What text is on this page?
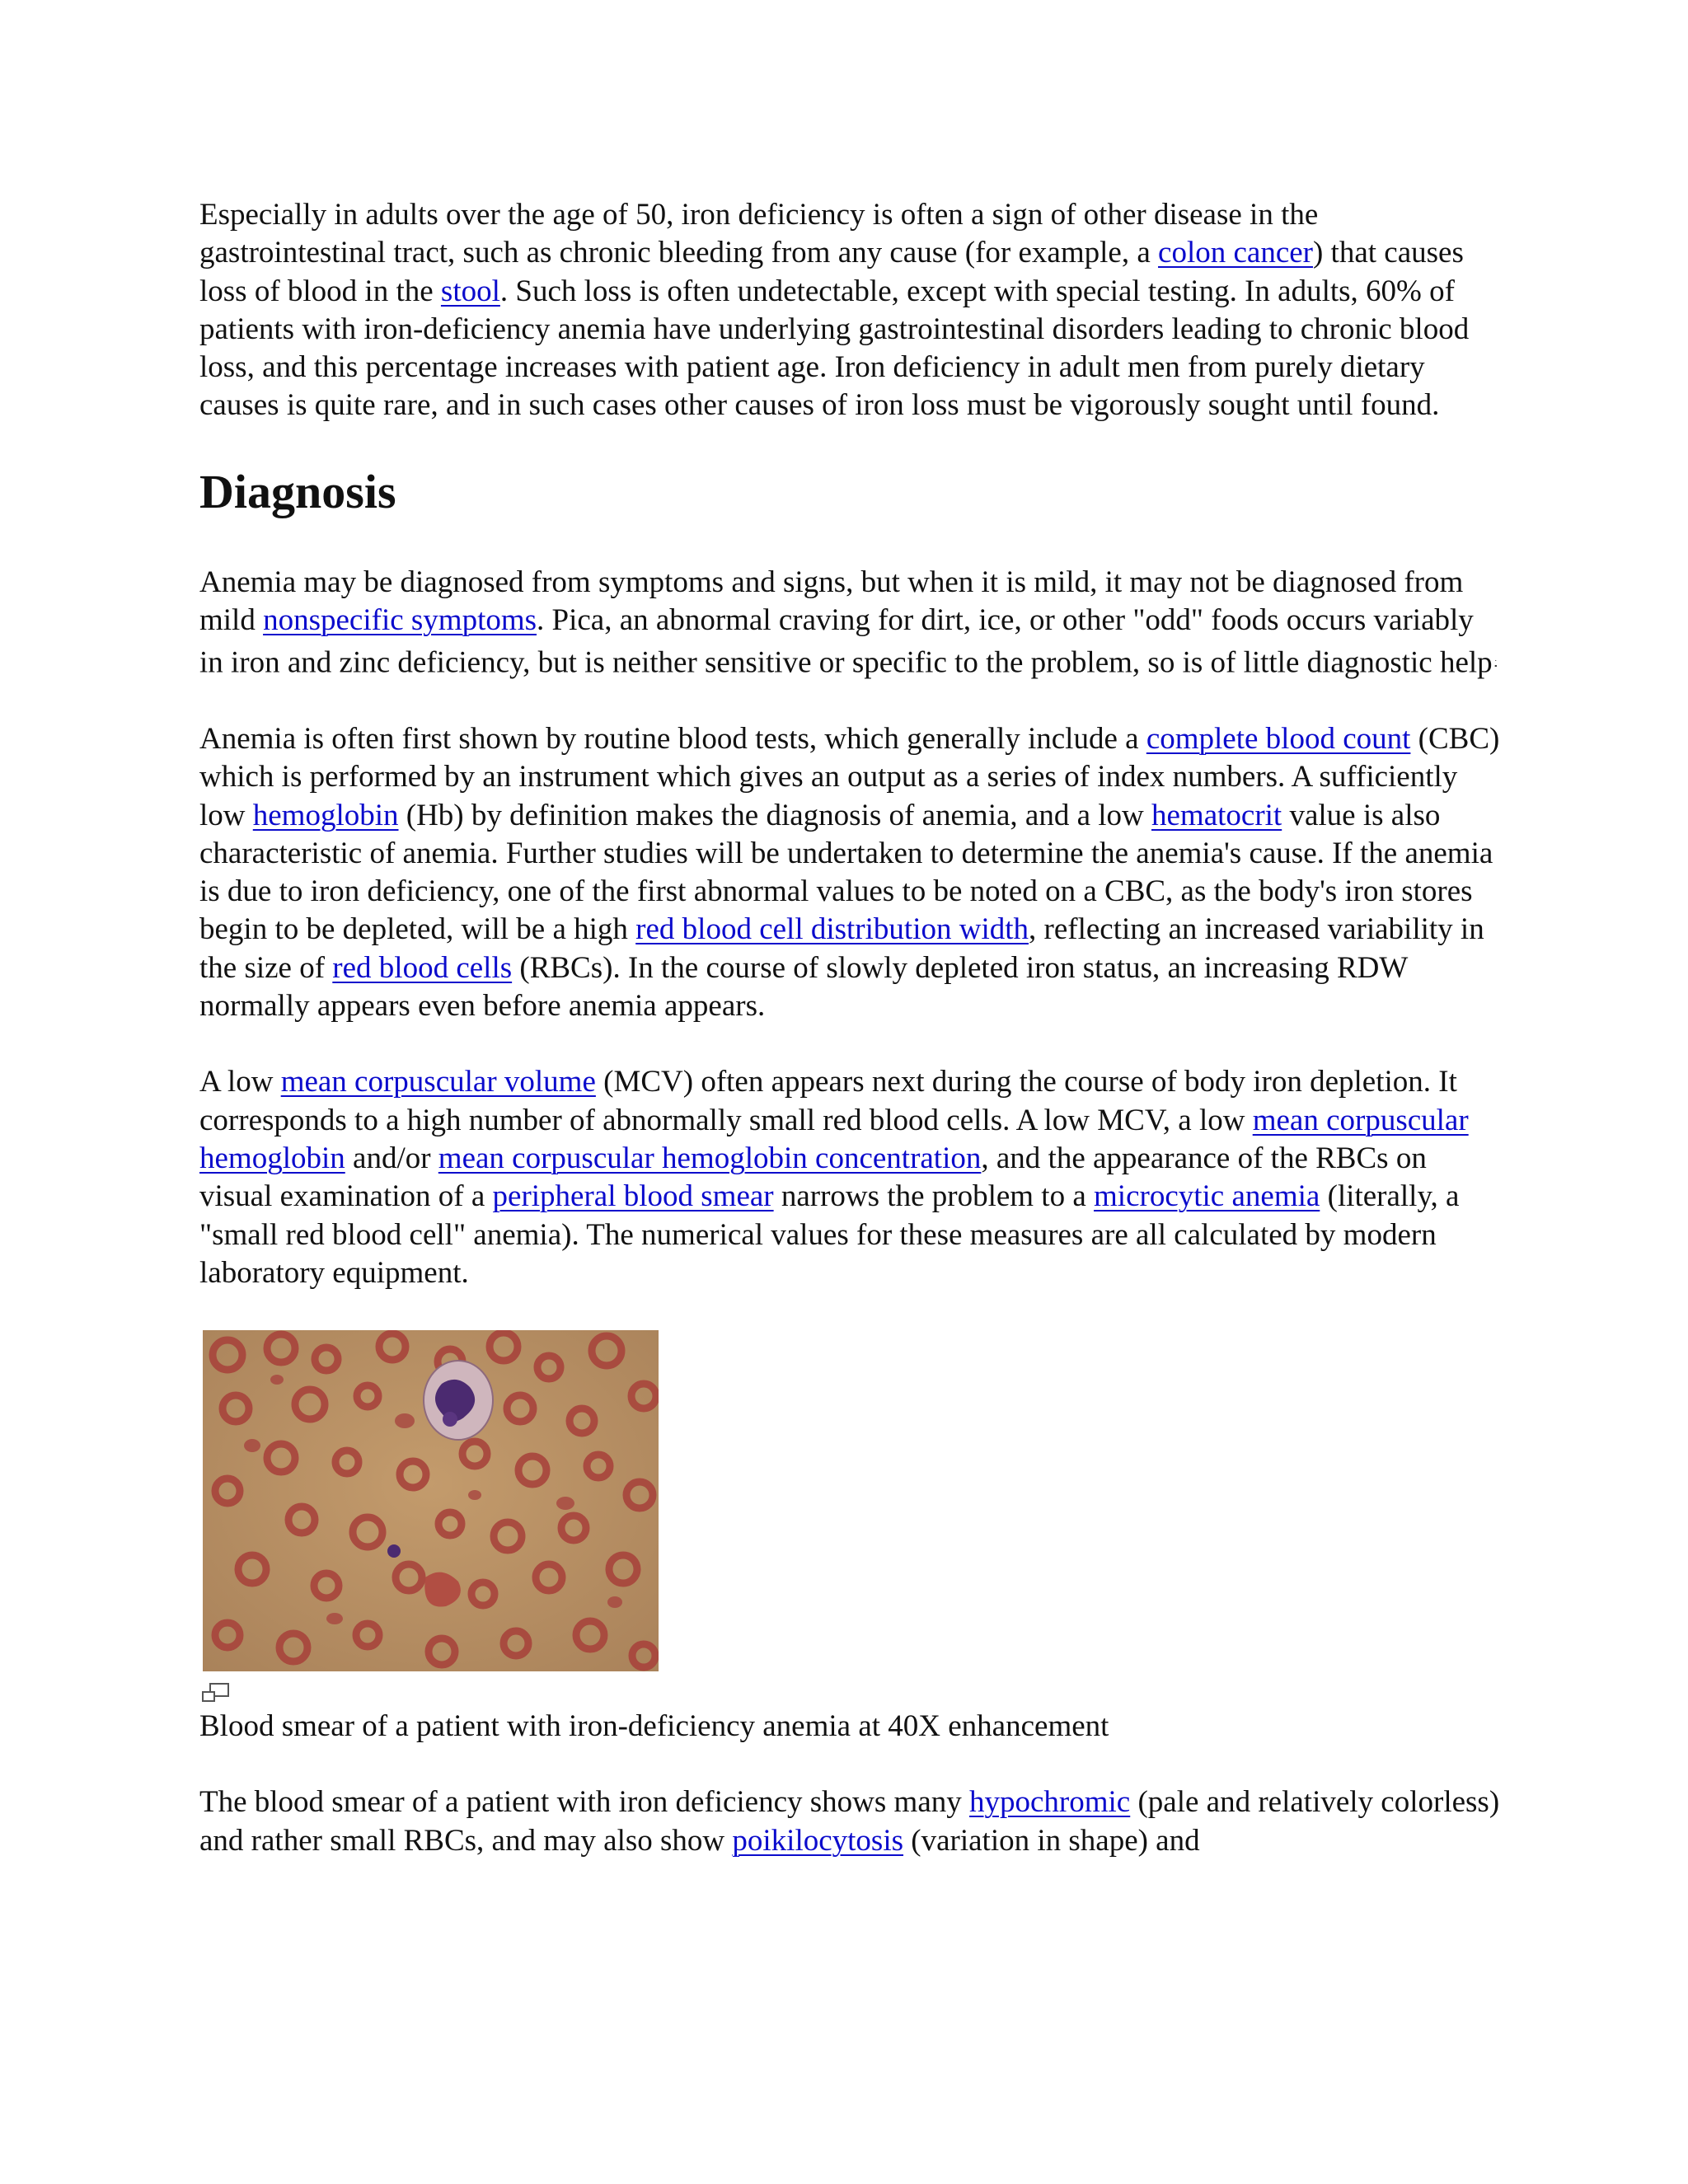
Especially in adults over the age of 50, iron deficiency is often a sign of other disease in the gastrointestinal tract, such as chronic bleeding from any cause (for example, a colon cancer) that causes loss of blood in the stool. Such loss is often undetectable, except with special testing. In adults, 60% of patients with iron-deficiency anemia have underlying gastrointestinal disorders leading to chronic blood loss, and this percentage increases with patient age. Iron deficiency in adult men from purely dietary causes is quite rare, and in such cases other causes of iron loss must be vigorously sought until found.

Diagnosis

Anemia may be diagnosed from symptoms and signs, but when it is mild, it may not be diagnosed from mild nonspecific symptoms. Pica, an abnormal craving for dirt, ice, or other "odd" foods occurs variably in iron and zinc deficiency, but is neither sensitive or specific to the problem, so is of little diagnostic help .

Anemia is often first shown by routine blood tests, which generally include a complete blood count (CBC) which is performed by an instrument which gives an output as a series of index numbers. A sufficiently low hemoglobin (Hb) by definition makes the diagnosis of anemia, and a low hematocrit value is also characteristic of anemia. Further studies will be undertaken to determine the anemia's cause. If the anemia is due to iron deficiency, one of the first abnormal values to be noted on a CBC, as the body's iron stores begin to be depleted, will be a high red blood cell distribution width, reflecting an increased variability in the size of red blood cells (RBCs). In the course of slowly depleted iron status, an increasing RDW normally appears even before anemia appears.

A low mean corpuscular volume (MCV) often appears next during the course of body iron depletion. It corresponds to a high number of abnormally small red blood cells. A low MCV, a low mean corpuscular hemoglobin and/or mean corpuscular hemoglobin concentration, and the appearance of the RBCs on visual examination of a peripheral blood smear narrows the problem to a microcytic anemia (literally, a "small red blood cell" anemia). The numerical values for these measures are all calculated by modern laboratory equipment.

Blood smear of a patient with iron-deficiency anemia at 40X enhancement

The blood smear of a patient with iron deficiency shows many hypochromic (pale and relatively colorless) and rather small RBCs, and may also show poikilocytosis (variation in shape) and
